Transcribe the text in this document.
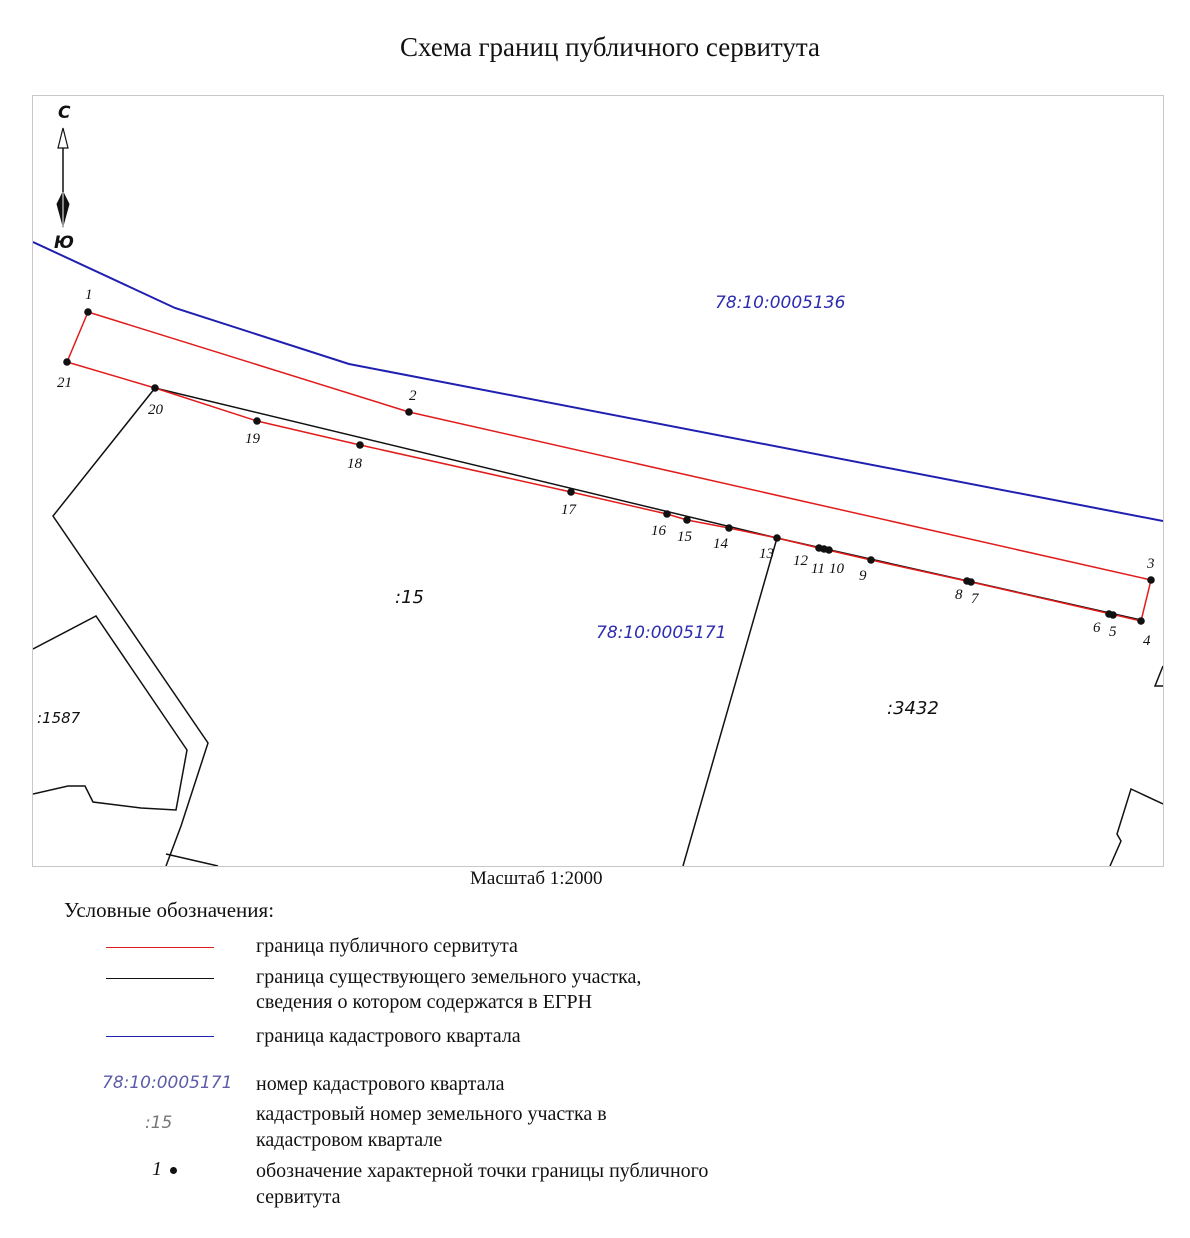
Схема границ публичного сервитута
1
2
3
4
5
6
7
8
9
10
11
12
13
14
15
16
17
18
19
20
21
С
Ю
78:10:0005136
78:10:0005171
:15
:3432
:1587
Масштаб 1:2000
Условные обозначения:
граница публичного сервитута
граница существующего земельного участка,
сведения о котором содержатся в ЕГРН
граница кадастрового квартала
78:10:0005171 номер кадастрового квартала
:15	кадастровый номер земельного участка в
кадастровом квартале
1	обозначение характерной точки границы публичного
сервитута
